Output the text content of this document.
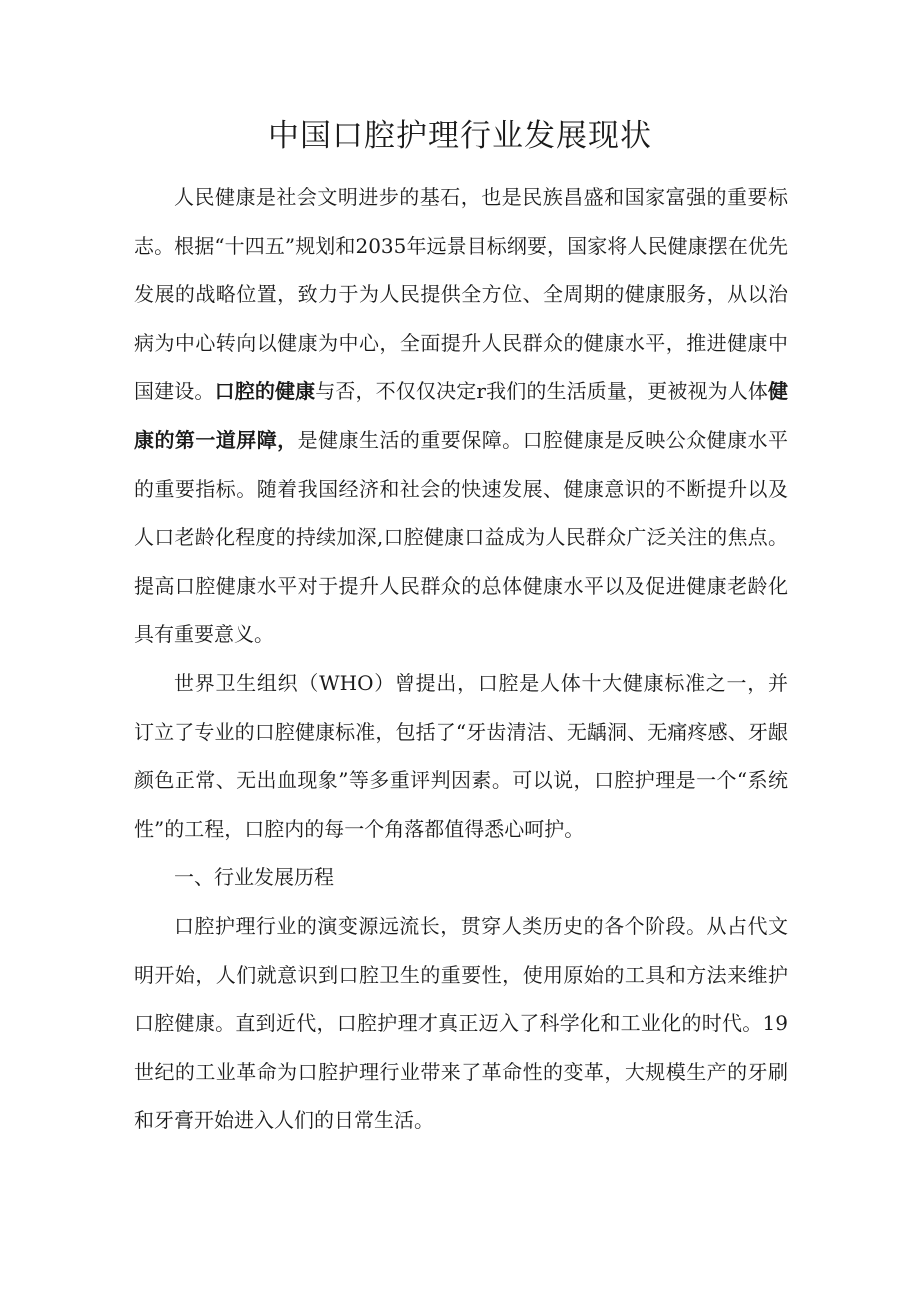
中国口腔护理行业发展现状

人民健康是社会文明进步的基石，也是民族昌盛和国家富强的重要标志。根据“十四五”规划和2035年远景目标纲要，国家将人民健康摆在优先发展的战略位置，致力于为人民提供全方位、全周期的健康服务，从以治病为中心转向以健康为中心，全面提升人民群众的健康水平，推进健康中国建设。口腔的健康与否，不仅仅决定r我们的生活质量，更被视为人体健康的第一道屏障，是健康生活的重要保障。口腔健康是反映公众健康水平的重要指标。随着我国经济和社会的快速发展、健康意识的不断提升以及人口老龄化程度的持续加深,口腔健康口益成为人民群众广泛关注的焦点。提高口腔健康水平对于提升人民群众的总体健康水平以及促进健康老龄化具有重要意义。

世界卫生组织（WHO）曾提出，口腔是人体十大健康标准之一，并订立了专业的口腔健康标准，包括了“牙齿清洁、无龋洞、无痛疼感、牙龈颜色正常、无出血现象”等多重评判因素。可以说，口腔护理是一个“系统性”的工程，口腔内的每一个角落都值得悉心呵护。

一、行业发展历程

口腔护理行业的演变源远流长，贯穿人类历史的各个阶段。从占代文明开始，人们就意识到口腔卫生的重要性，使用原始的工具和方法来维护口腔健康。直到近代，口腔护理才真正迈入了科学化和工业化的时代。19世纪的工业革命为口腔护理行业带来了革命性的变革，大规模生产的牙刷和牙膏开始进入人们的日常生活。
